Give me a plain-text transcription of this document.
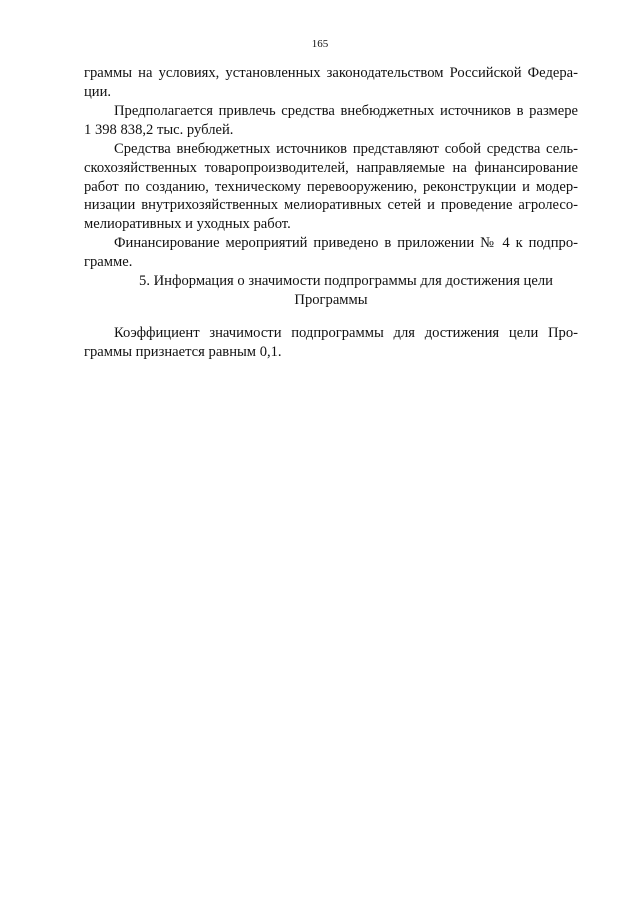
165
граммы на условиях, установленных законодательством Российской Федера-
ции.
Предполагается привлечь средства внебюджетных источников в размере
1 398 838,2 тыс. рублей.
Средства внебюджетных источников представляют собой средства сель-
скохозяйственных товаропроизводителей, направляемые на финансирование
работ по созданию, техническому перевооружению, реконструкции и модер-
низации внутрихозяйственных мелиоративных сетей и проведение агролесо-
мелиоративных и уходных работ.
Финансирование мероприятий приведено в приложении № 4 к подпро-
грамме.
5. Информация о значимости подпрограммы для достижения цели
Программы
Коэффициент значимости подпрограммы для достижения цели Про-
граммы признается равным 0,1.
